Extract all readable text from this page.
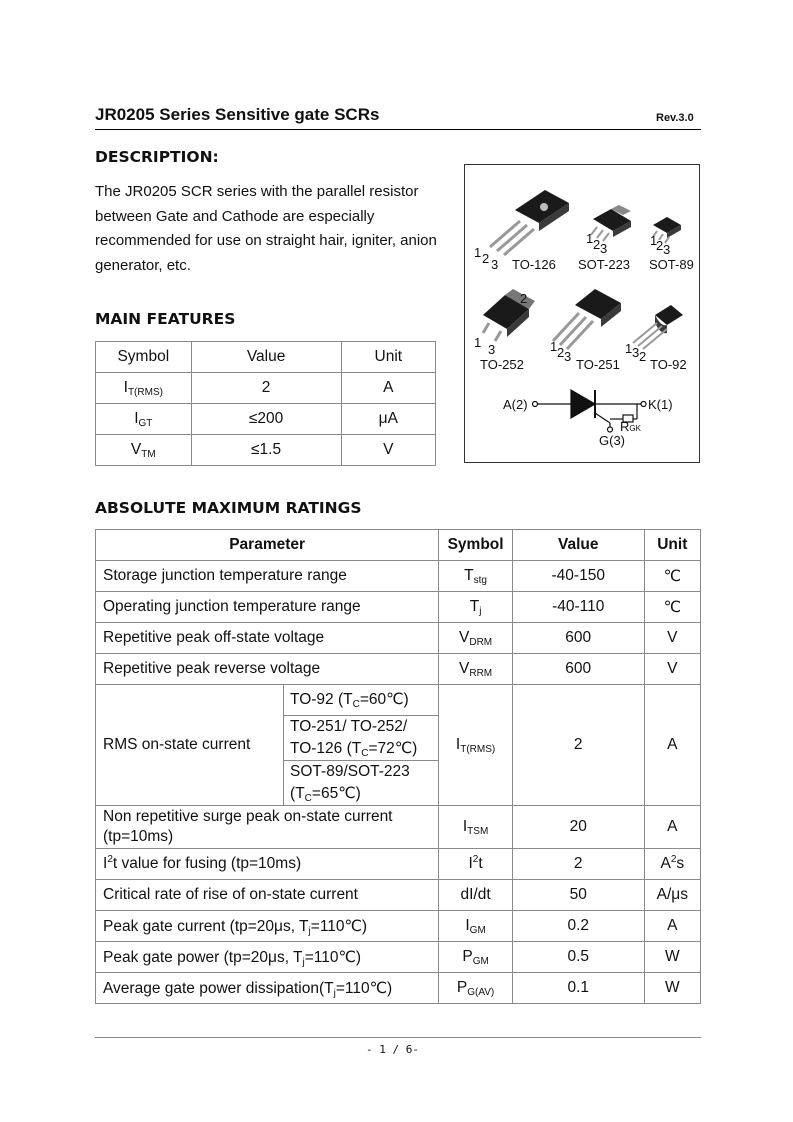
JR0205 Series Sensitive gate SCRs	Rev.3.0
DESCRIPTION:
The JR0205 SCR series with the parallel resistor between Gate and Cathode are especially recommended for use on straight hair, igniter, anion generator, etc.
MAIN FEATURES
Symbol	Value	Unit
$I_{T(RMS)}$	2	A
$I_{GT}$	≤200	μA
$V_{TM}$	≤1.5	V
1 2 3 TO-126
1 2 3
SOT-223
1
2 3
SOT-89
2
1 3
TO-252
1 2 3
TO-251
1 3 2
TO-92
A(2)	K(1)
RGK
G(3)
ABSOLUTE MAXIMUM RATINGS
Parameter		Symbol	Value	Unit
Storage junction temperature range		$T_{stg}$	-40-150	℃
Operating junction temperature range		$T_j$	-40-110	℃
Repetitive peak off-state voltage		$V_{DRM}$	600	V
Repetitive peak reverse voltage		$V_{RRM}$	600	V
RMS on-state current	TO-92 $(T_C=60℃)$	$I_{T(RMS)}$	2	A

	TO-251/ TO-252/
TO-126 $(T_C=72℃)$			

	SOT-89/SOT-223
$(T_C=65℃)$			

Non repetitive surge peak on-state current
(tp=10ms)		$I_{TSM}$	20	A
$I^2t$ value for fusing (tp=10ms)		$I^2t$	2	$A^2s$
Critical rate of rise of on-state current		dI/dt	50	A/μs
Peak gate current (tp=20μs, $T_j=110℃$)		$I_{GM}$	0.2	A
Peak gate power (tp=20μs, $T_j=110℃$)		$P_{GM}$	0.5	W
Average gate power $dissipation(T_j=110℃)$		$P_{G(AV)}$	0.1	W
- 1 / 6-
